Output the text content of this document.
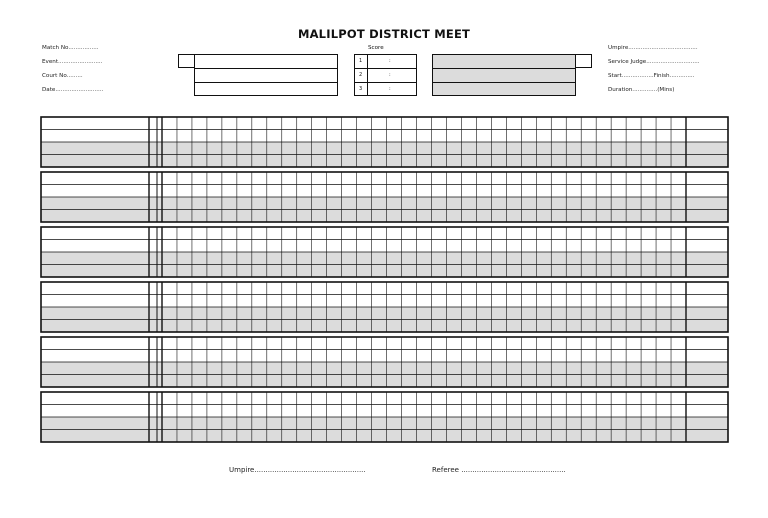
MALILPOT DISTRICT MEET
Match No.................
Event.........................
Court No.........
Date...........................
Umpire.......................................
Service Judge..............................
Start..................Finish..............
Duration..............(Mins)
Score
1	:
2	:
3	:
Umpire..................................................	Referee ...............................................
